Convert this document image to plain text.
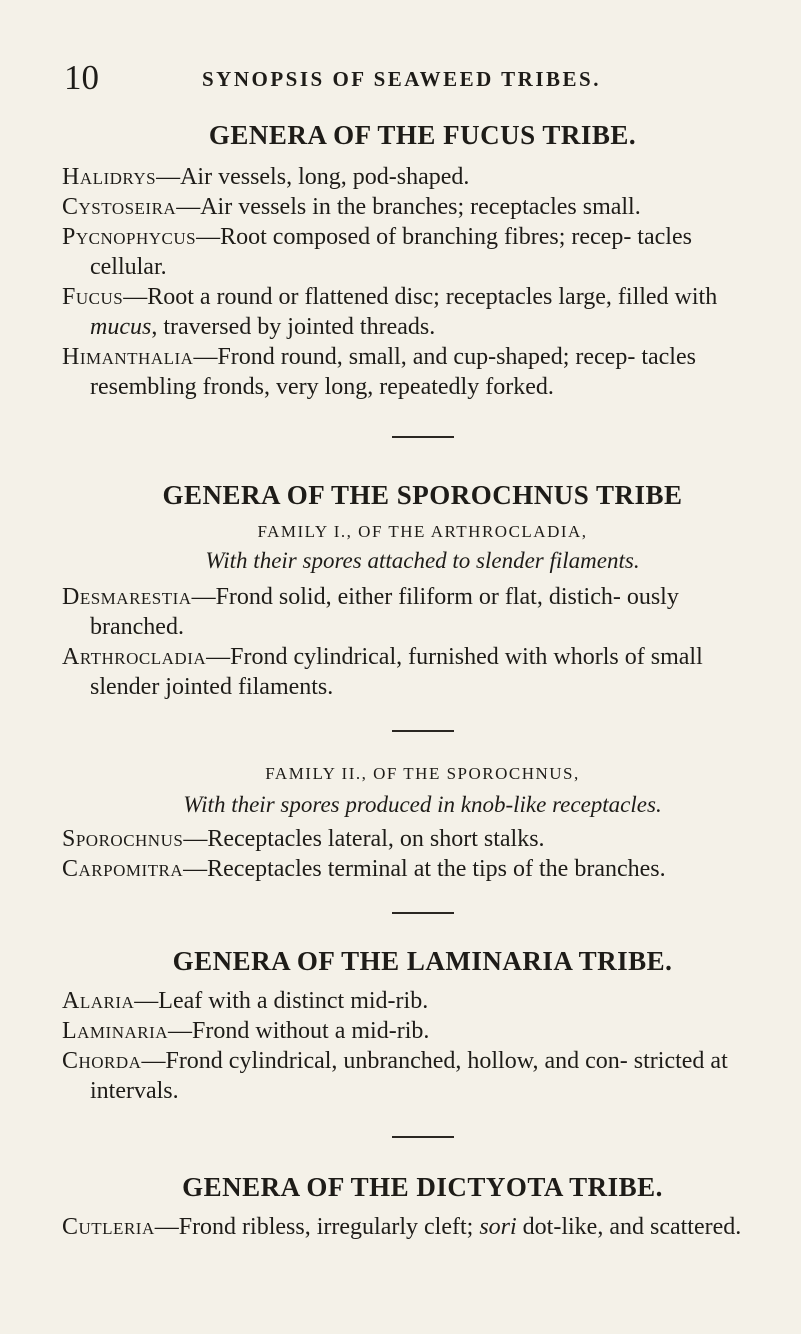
10	SYNOPSIS OF SEAWEED TRIBES.
GENERA OF THE FUCUS TRIBE.

Halidrys—Air vessels, long, pod-shaped.

Cystoseira—Air vessels in the branches; receptacles small.

Pycnophycus—Root composed of branching fibres; recep- tacles cellular.

Fucus—Root a round or flattened disc; receptacles large, filled with mucus, traversed by jointed threads.

Himanthalia—Frond round, small, and cup-shaped; recep- tacles resembling fronds, very long, repeatedly forked.

GENERA OF THE SPOROCHNUS TRIBE

FAMILY I., OF THE ARTHROCLADIA,

With their spores attached to slender filaments.

Desmarestia—Frond solid, either filiform or flat, distich- ously branched.

Arthrocladia—Frond cylindrical, furnished with whorls of small slender jointed filaments.

FAMILY II., OF THE SPOROCHNUS,

With their spores produced in knob-like receptacles.

Sporochnus—Receptacles lateral, on short stalks.

Carpomitra—Receptacles terminal at the tips of the branches.

GENERA OF THE LAMINARIA TRIBE.

Alaria—Leaf with a distinct mid-rib.

Laminaria—Frond without a mid-rib.

Chorda—Frond cylindrical, unbranched, hollow, and con- stricted at intervals.

GENERA OF THE DICTYOTA TRIBE.

Cutleria—Frond ribless, irregularly cleft; sori dot-like, and scattered.
